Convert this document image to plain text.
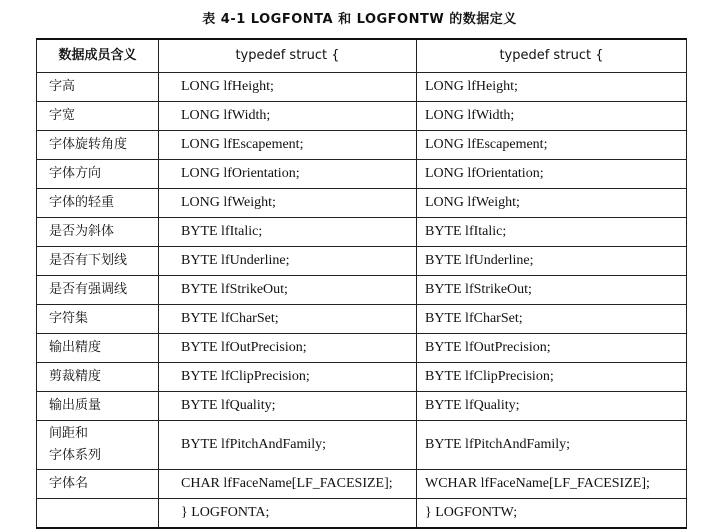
表 4-1 LOGFONTA 和 LOGFONTW 的数据定义
数据成员含义	typedef struct {	typedef struct {
字高	LONG lfHeight;	LONG lfHeight;
字宽	LONG lfWidth;	LONG lfWidth;
字体旋转角度	LONG lfEscapement;	LONG lfEscapement;
字体方向	LONG lfOrientation;	LONG lfOrientation;
字体的轻重	LONG lfWeight;	LONG lfWeight;
是否为斜体	BYTE lfItalic;	BYTE lfItalic;
是否有下划线	BYTE lfUnderline;	BYTE lfUnderline;
是否有强调线	BYTE lfStrikeOut;	BYTE lfStrikeOut;
字符集	BYTE lfCharSet;	BYTE lfCharSet;
输出精度	BYTE lfOutPrecision;	BYTE lfOutPrecision;
剪裁精度	BYTE lfClipPrecision;	BYTE lfClipPrecision;
输出质量	BYTE lfQuality;	BYTE lfQuality;

间距和
字体系列	BYTE lfPitchAndFamily;	BYTE lfPitchAndFamily;
字体名	CHAR lfFaceName[LF_FACESIZE];	WCHAR lfFaceName[LF_FACESIZE];
	} LOGFONTA;	} LOGFONTW;
